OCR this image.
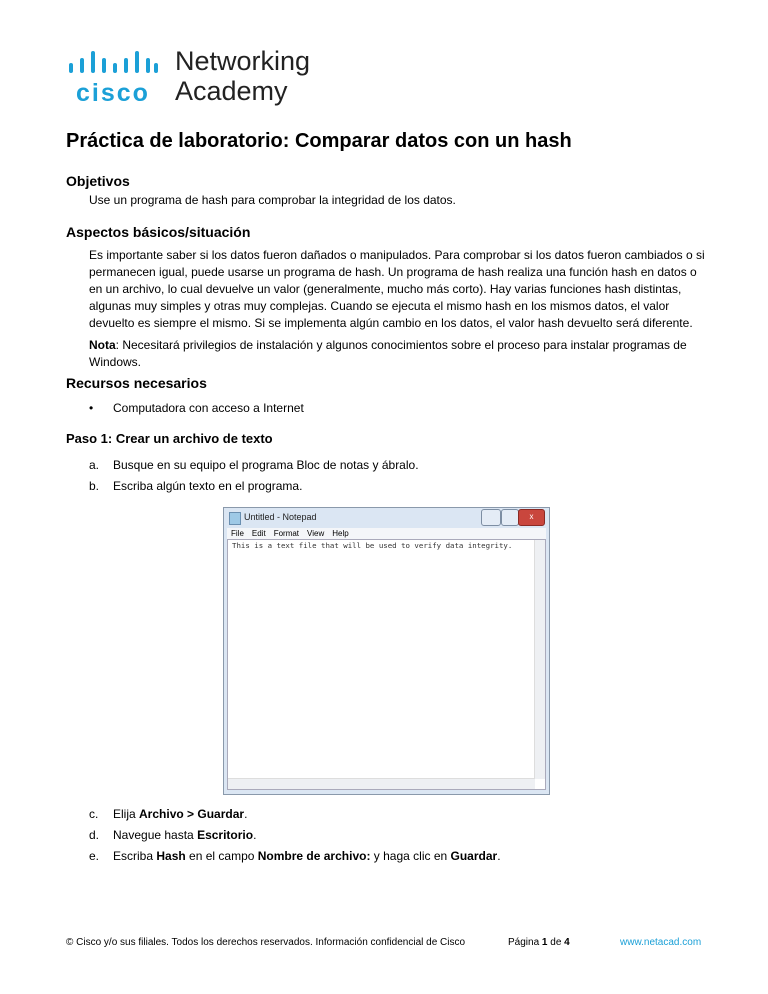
cisco
Networking
Academy
Práctica de laboratorio: Comparar datos con un hash
Objetivos

Use un programa de hash para comprobar la integridad de los datos.

Aspectos básicos/situación

Es importante saber si los datos fueron dañados o manipulados. Para comprobar si los datos fueron cambiados o si permanecen igual, puede usarse un programa de hash. Un programa de hash realiza una función hash en datos o en un archivo, lo cual devuelve un valor (generalmente, mucho más corto). Hay varias funciones hash distintas, algunas muy simples y otras muy complejas. Cuando se ejecuta el mismo hash en los mismos datos, el valor devuelto es siempre el mismo. Si se implementa algún cambio en los datos, el valor hash devuelto será diferente.

Nota: Necesitará privilegios de instalación y algunos conocimientos sobre el proceso para instalar programas de Windows.

Recursos necesarios
•	Computadora con acceso a Internet
Paso 1: Crear un archivo de texto
a.	Busque en su equipo el programa Bloc de notas y ábralo.
b.	Escriba algún texto en el programa.
Untitled - Notepad	x
File Edit Format View Help
This is a text file that will be used to verify data integrity.
c.	Elija Archivo > Guardar.
d.	Navegue hasta Escritorio.
e.	Escriba Hash en el campo Nombre de archivo: y haga clic en Guardar.
© Cisco y/o sus filiales. Todos los derechos reservados. Información confidencial de Cisco	Página 1 de 4	www.netacad.com
